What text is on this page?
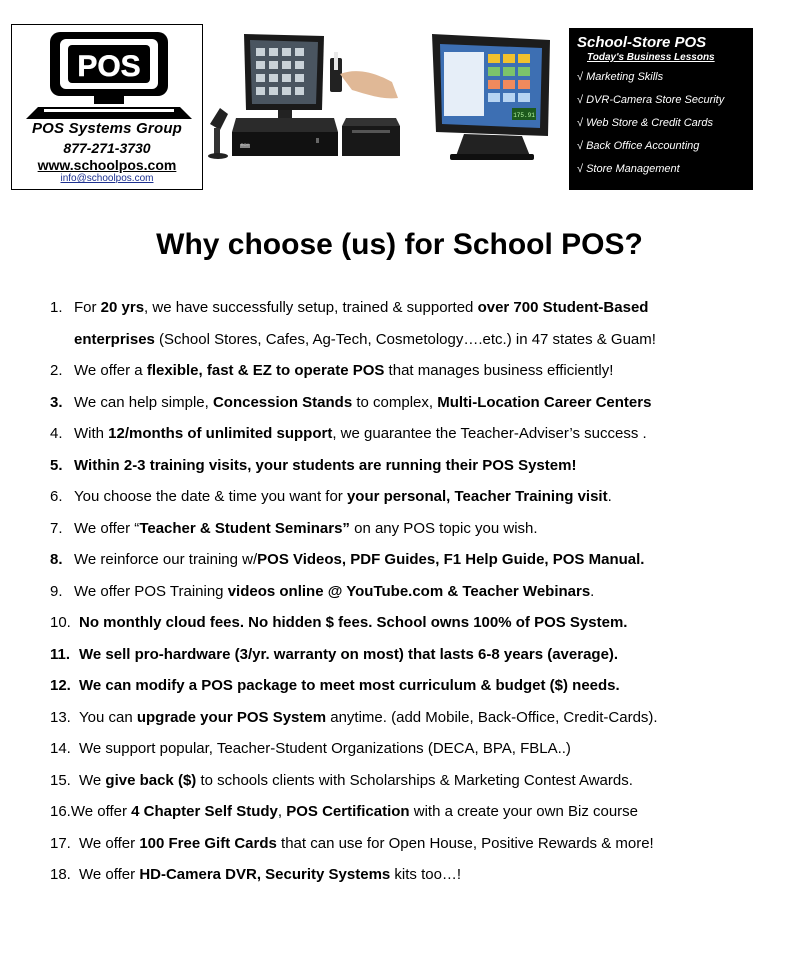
POS
POS Systems Group
877-271-3730
www.schoolpos.com
info@schoolpos.com
ROY
175.91
School-Store POS
Today's Business Lessons
√ Marketing Skills
√ DVR-Camera Store Security
√ Web Store & Credit Cards
√ Back Office Accounting
√ Store Management
Why choose (us) for School POS?
1. For 20 yrs, we have successfully setup, trained & supported over 700 Student-Based
enterprises (School Stores, Cafes, Ag-Tech, Cosmetology….etc.) in 47 states & Guam!
2. We offer a flexible, fast & EZ to operate POS that manages business efficiently!
3. We can help simple, Concession Stands to complex, Multi-Location Career Centers
4. With 12/months of unlimited support, we guarantee the Teacher-Adviser’s success .
5. Within 2-3 training visits, your students are running their POS System!
6. You choose the date & time you want for your personal, Teacher Training visit.
7. We offer “Teacher & Student Seminars” on any POS topic you wish.
8. We reinforce our training w/POS Videos, PDF Guides, F1 Help Guide, POS Manual.
9. We offer POS Training videos online @ YouTube.com & Teacher Webinars.
10. No monthly cloud fees. No hidden $ fees. School owns 100% of POS System.
11. We sell pro-hardware (3/yr. warranty on most) that lasts 6-8 years (average).
12. We can modify a POS package to meet most curriculum & budget ($) needs.
13. You can upgrade your POS System anytime. (add Mobile, Back-Office, Credit-Cards).
14. We support popular, Teacher-Student Organizations (DECA, BPA, FBLA..)
15. We give back ($) to schools clients with Scholarships & Marketing Contest Awards.
16.We offer 4 Chapter Self Study, POS Certification with a create your own Biz course
17. We offer 100 Free Gift Cards that can use for Open House, Positive Rewards & more!
18. We offer HD-Camera DVR, Security Systems kits too…!
